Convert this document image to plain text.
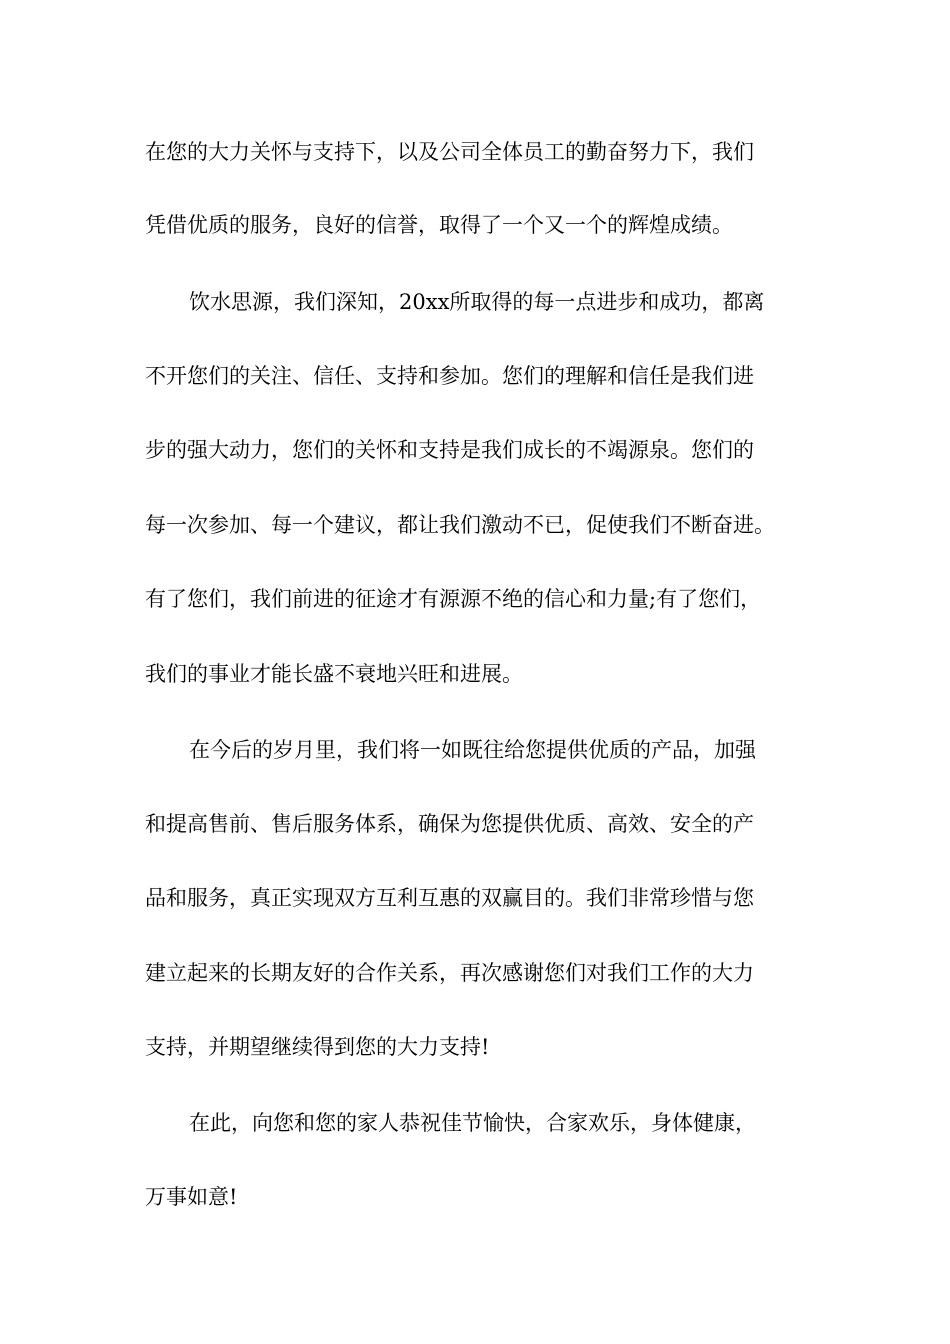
在您的大力关怀与支持下，以及公司全体员工的勤奋努力下，我们
凭借优质的服务，良好的信誉，取得了一个又一个的辉煌成绩。
饮水思源，我们深知，20xx所取得的每一点进步和成功，都离
不开您们的关注、信任、支持和参加。您们的理解和信任是我们进
步的强大动力，您们的关怀和支持是我们成长的不竭源泉。您们的
每一次参加、每一个建议，都让我们激动不已，促使我们不断奋进。
有了您们，我们前进的征途才有源源不绝的信心和力量;有了您们，
我们的事业才能长盛不衰地兴旺和进展。
在今后的岁月里，我们将一如既往给您提供优质的产品，加强
和提高售前、售后服务体系，确保为您提供优质、高效、安全的产
品和服务，真正实现双方互利互惠的双赢目的。我们非常珍惜与您
建立起来的长期友好的合作关系，再次感谢您们对我们工作的大力
支持，并期望继续得到您的大力支持!
在此，向您和您的家人恭祝佳节愉快，合家欢乐，身体健康，
万事如意!
